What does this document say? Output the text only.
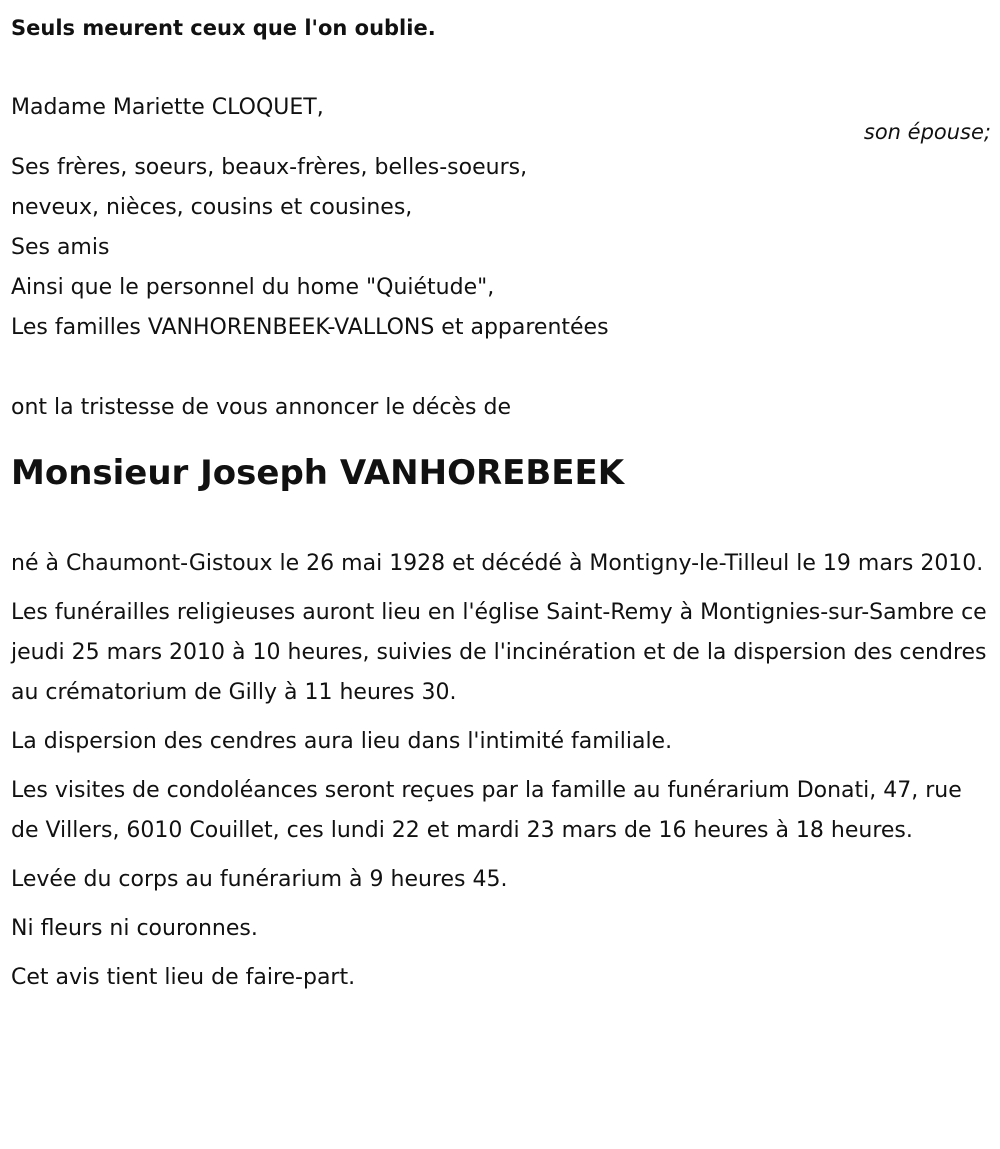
Seuls meurent ceux que l'on oublie.

Madame Mariette CLOQUET,

son épouse;

Ses frères, soeurs, beaux-frères, belles-soeurs,

neveux, nièces, cousins et cousines,

Ses amis

Ainsi que le personnel du home "Quiétude",

Les familles VANHORENBEEK-VALLONS et apparentées

ont la tristesse de vous annoncer le décès de

Monsieur Joseph VANHOREBEEK

né à Chaumont-Gistoux le 26 mai 1928 et décédé à Montigny-le-Tilleul le 19 mars 2010.

Les funérailles religieuses auront lieu en l'église Saint-Remy à Montignies-sur-Sambre ce jeudi 25 mars 2010 à 10 heures, suivies de l'incinération et de la dispersion des cendres au crématorium de Gilly à 11 heures 30.

La dispersion des cendres aura lieu dans l'intimité familiale.

Les visites de condoléances seront reçues par la famille au funérarium Donati, 47, rue de Villers, 6010 Couillet, ces lundi 22 et mardi 23 mars de 16 heures à 18 heures.

Levée du corps au funérarium à 9 heures 45.

Ni fleurs ni couronnes.

Cet avis tient lieu de faire-part.
